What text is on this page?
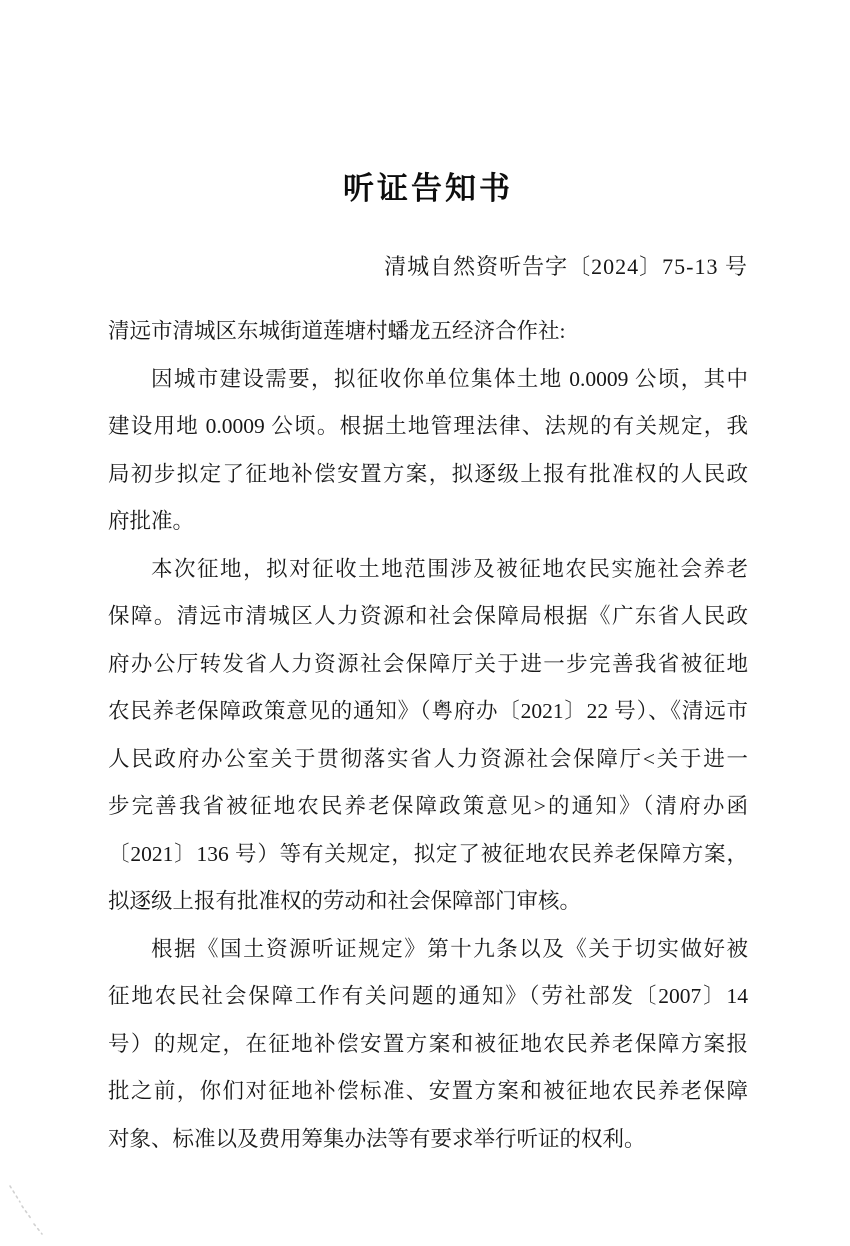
听证告知书
清城自然资听告字〔2024〕75-13 号
清远市清城区东城街道莲塘村蟠龙五经济合作社:
因城市建设需要，拟征收你单位集体土地 0.0009 公顷，其中
建设用地 0.0009 公顷。根据土地管理法律、法规的有关规定，我
局初步拟定了征地补偿安置方案，拟逐级上报有批准权的人民政
府批准。
本次征地，拟对征收土地范围涉及被征地农民实施社会养老
保障。清远市清城区人力资源和社会保障局根据《广东省人民政
府办公厅转发省人力资源社会保障厅关于进一步完善我省被征地
农民养老保障政策意见的通知》（粤府办〔2021〕22 号）、《清远市
人民政府办公室关于贯彻落实省人力资源社会保障厅<关于进一
步完善我省被征地农民养老保障政策意见>的通知》（清府办函
〔2021〕136 号）等有关规定，拟定了被征地农民养老保障方案，
拟逐级上报有批准权的劳动和社会保障部门审核。
根据《国土资源听证规定》第十九条以及《关于切实做好被
征地农民社会保障工作有关问题的通知》（劳社部发〔2007〕14
号）的规定，在征地补偿安置方案和被征地农民养老保障方案报
批之前，你们对征地补偿标准、安置方案和被征地农民养老保障
对象、标准以及费用筹集办法等有要求举行听证的权利。
